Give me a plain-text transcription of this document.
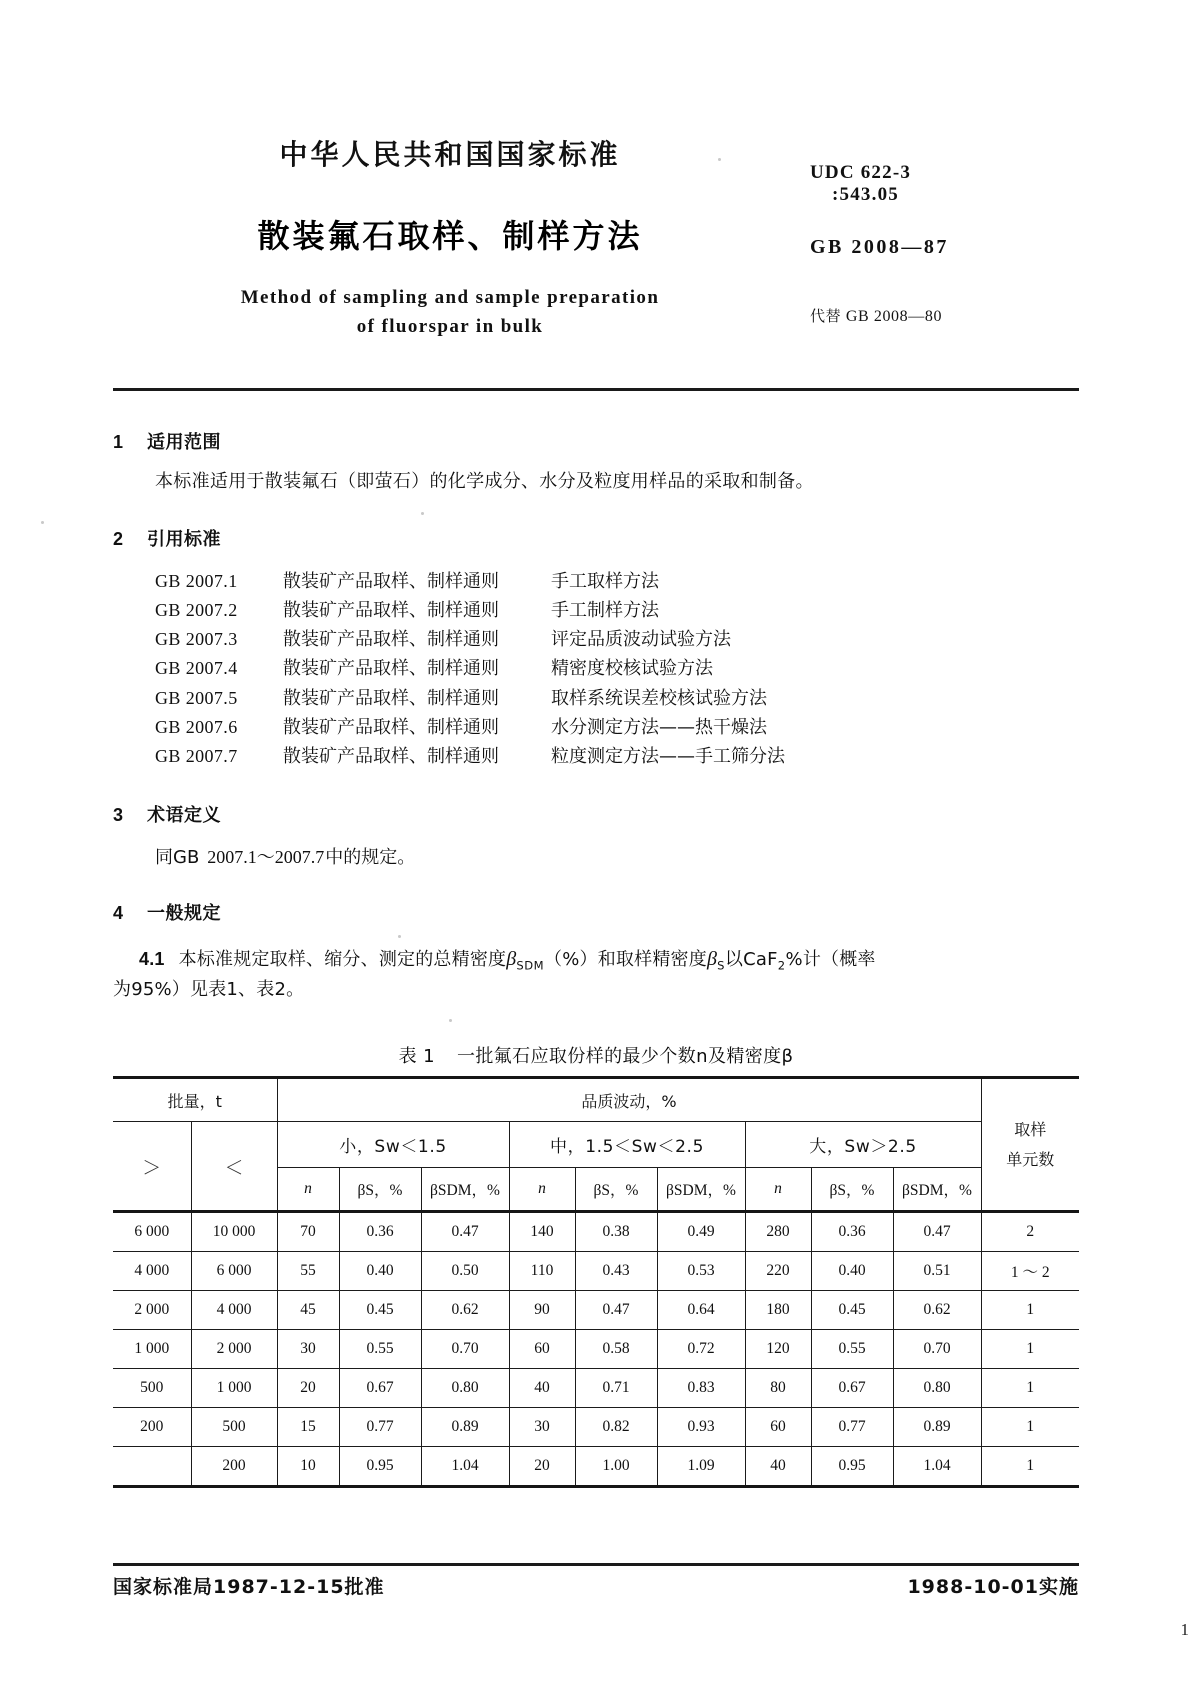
中华人民共和国国家标准
散装氟石取样、制样方法
Method of sampling and sample preparation
of fluorspar in bulk
UDC 622-3
:543.05
GB 2008—87
代替 GB 2008—80
1 适用范围
本标准适用于散装氟石（即萤石）的化学成分、水分及粒度用样品的采取和制备。
2 引用标准
GB 2007.1	散装矿产品取样、制样通则	手工取样方法
GB 2007.2	散装矿产品取样、制样通则	手工制样方法
GB 2007.3	散装矿产品取样、制样通则	评定品质波动试验方法
GB 2007.4	散装矿产品取样、制样通则	精密度校核试验方法
GB 2007.5	散装矿产品取样、制样通则	取样系统误差校核试验方法
GB 2007.6	散装矿产品取样、制样通则	水分测定方法——热干燥法
GB 2007.7	散装矿产品取样、制样通则	粒度测定方法——手工筛分法
3 术语定义
同GB 2007.1～2007.7中的规定。
4 一般规定
4.1 本标准规定取样、缩分、测定的总精密度$\beta_{SDM}(\%)$和取样精密度$\beta_S$以CaF$_2$%计（概率
为95%）见表1、表2。
表 1 一批氟石应取份样的最少个数n及精密度β
批量，t		品质波动，%									取样
单元数

＞	＜	小，Sw＜1.5			中，1.5＜Sw＜2.5			大，Sw＞2.5			
		n	βS，%	βSDM，%	n	βS，%	βSDM，%	n	βS，%	βSDM，%	
6 000	10 000	70	0.36	0.47	140	0.38	0.49	280	0.36	0.47	2
4 000	6 000	55	0.40	0.50	110	0.43	0.53	220	0.40	0.51	1 ～ 2
2 000	4 000	45	0.45	0.62	90	0.47	0.64	180	0.45	0.62	1
1 000	2 000	30	0.55	0.70	60	0.58	0.72	120	0.55	0.70	1
500	1 000	20	0.67	0.80	40	0.71	0.83	80	0.67	0.80	1
200	500	15	0.77	0.89	30	0.82	0.93	60	0.77	0.89	1
	200	10	0.95	1.04	20	1.00	1.09	40	0.95	1.04	1
国家标准局1987-12-15批准	1988-10-01实施
1
